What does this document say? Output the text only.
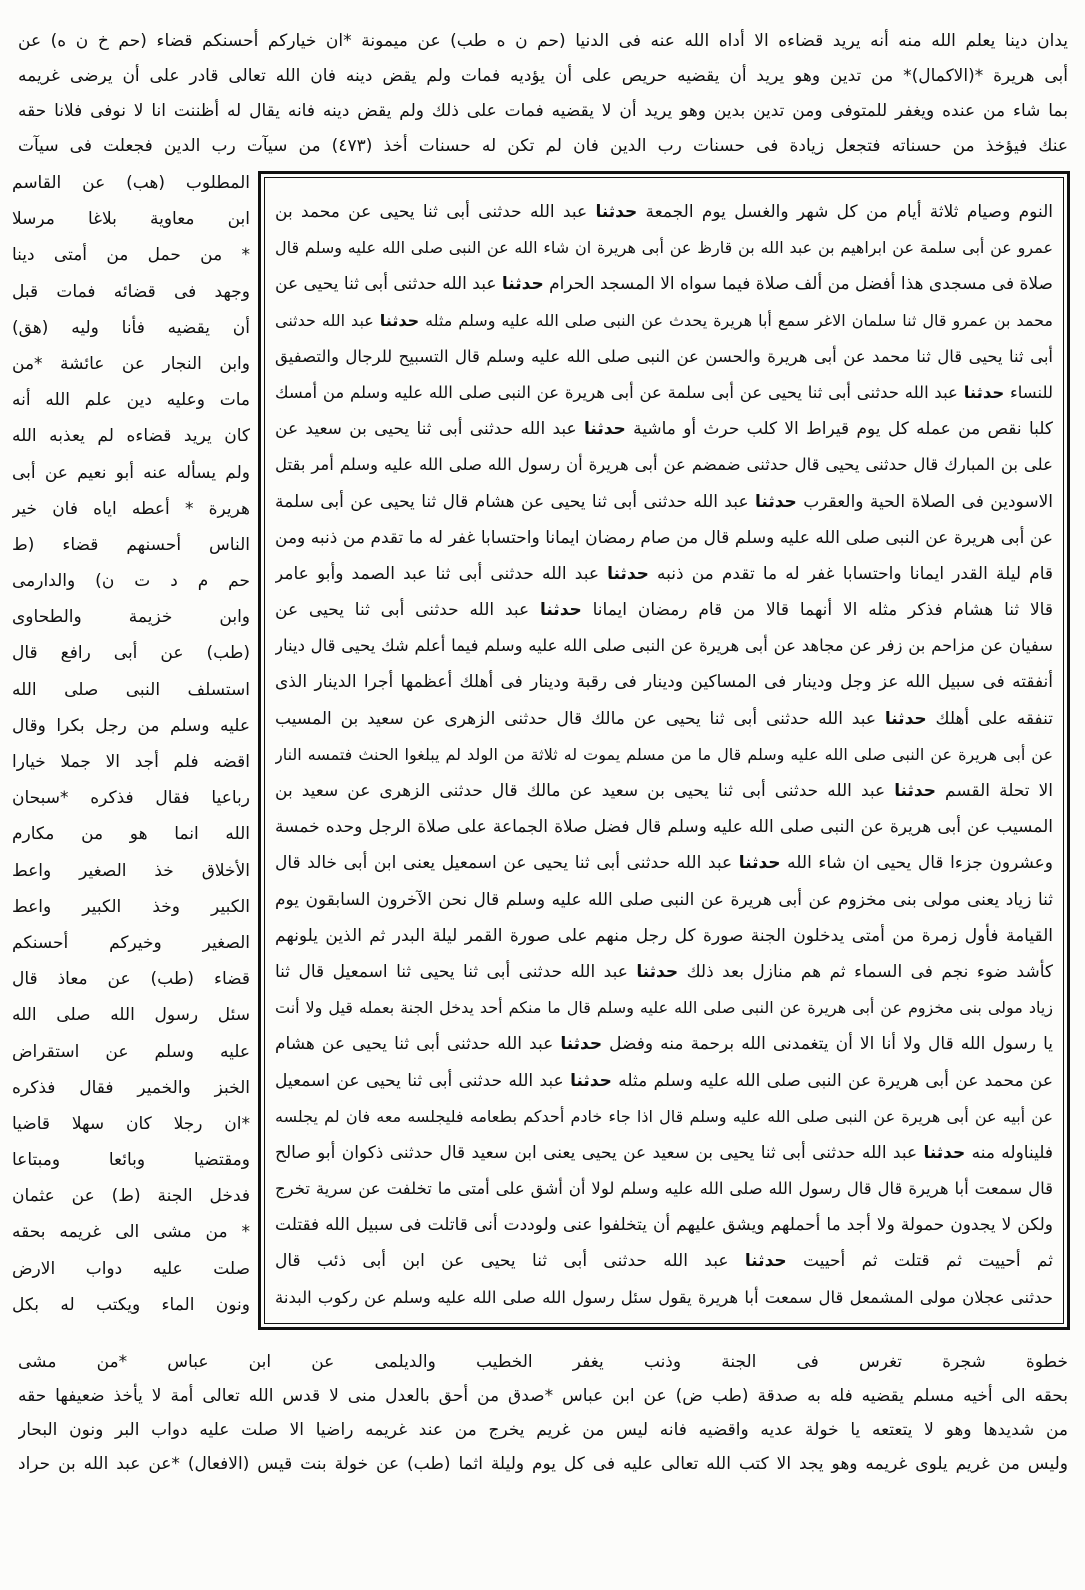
يدان دينا يعلم الله منه أنه يريد قضاءه الا أداه الله عنه فى الدنيا (حم ن ه طب) عن ميمونة *ان خياركم أحسنكم قضاء (حم خ ن ه) عن
أبى هريرة *(الاكمال)* من تدين وهو يريد أن يقضيه حريص على أن يؤديه فمات ولم يقض دينه فان الله تعالى قادر على أن يرضى غريمه
بما شاء من عنده ويغفر للمتوفى ومن تدين بدين وهو يريد أن لا يقضيه فمات على ذلك ولم يقض دينه فانه يقال له أظننت انا لا نوفى فلانا حقه
عنك فيؤخذ من حسناته فتجعل زيادة فى حسنات رب الدين فان لم تكن له حسنات أخذ (٤٧٣) من سيآت رب الدين فجعلت فى سيآت
المطلوب (هب) عن القاسم
ابن معاوية بلاغا مرسلا
* من حمل من أمتى دينا
وجهد فى قضائه فمات قبل
أن يقضيه فأنا وليه (هق)
وابن النجار عن عائشة *من
مات وعليه دين علم الله أنه
كان يريد قضاءه لم يعذبه الله
ولم يسأله عنه أبو نعيم عن أبى
هريرة * أعطه اياه فان خير
الناس أحسنهم قضاء (ط
حم م د ت ن) والدارمى
وابن خزيمة والطحاوى
(طب) عن أبى رافع قال
استسلف النبى صلى الله
عليه وسلم من رجل بكرا وقال
اقضه فلم أجد الا جملا خيارا
رباعيا فقال فذكره *سبحان
الله انما هو من مكارم
الأخلاق خذ الصغير واعط
الكبير وخذ الكبير واعط
الصغير وخيركم أحسنكم
قضاء (طب) عن معاذ قال
سئل رسول الله صلى الله
عليه وسلم عن استقراض
الخبز والخمير فقال فذكره
*ان رجلا كان سهلا قاضيا
ومقتضيا وبائعا ومبتاعا
فدخل الجنة (ط) عن عثمان
* من مشى الى غريمه بحقه
صلت عليه دواب الارض
ونون الماء ويكتب له بكل
النوم وصيام ثلاثة أيام من كل شهر والغسل يوم الجمعة حدثنا عبد الله حدثنى أبى ثنا يحيى عن محمد بن
عمرو عن أبى سلمة عن ابراهيم بن عبد الله بن قارظ عن أبى هريرة ان شاء الله عن النبى صلى الله عليه وسلم قال
صلاة فى مسجدى هذا أفضل من ألف صلاة فيما سواه الا المسجد الحرام حدثنا عبد الله حدثنى أبى ثنا يحيى عن
محمد بن عمرو قال ثنا سلمان الاغر سمع أبا هريرة يحدث عن النبى صلى الله عليه وسلم مثله حدثنا عبد الله حدثنى
أبى ثنا يحيى قال ثنا محمد عن أبى هريرة والحسن عن النبى صلى الله عليه وسلم قال التسبيح للرجال والتصفيق
للنساء حدثنا عبد الله حدثنى أبى ثنا يحيى عن أبى سلمة عن أبى هريرة عن النبى صلى الله عليه وسلم من أمسك
كلبا نقص من عمله كل يوم قيراط الا كلب حرث أو ماشية حدثنا عبد الله حدثنى أبى ثنا يحيى بن سعيد عن
على بن المبارك قال حدثنى يحيى قال حدثنى ضمضم عن أبى هريرة أن رسول الله صلى الله عليه وسلم أمر بقتل
الاسودين فى الصلاة الحية والعقرب حدثنا عبد الله حدثنى أبى ثنا يحيى عن هشام قال ثنا يحيى عن أبى سلمة
عن أبى هريرة عن النبى صلى الله عليه وسلم قال من صام رمضان ايمانا واحتسابا غفر له ما تقدم من ذنبه ومن
قام ليلة القدر ايمانا واحتسابا غفر له ما تقدم من ذنبه حدثنا عبد الله حدثنى أبى ثنا عبد الصمد وأبو عامر
قالا ثنا هشام فذكر مثله الا أنهما قالا من قام رمضان ايمانا حدثنا عبد الله حدثنى أبى ثنا يحيى عن
سفيان عن مزاحم بن زفر عن مجاهد عن أبى هريرة عن النبى صلى الله عليه وسلم فيما أعلم شك يحيى قال دينار
أنفقته فى سبيل الله عز وجل ودينار فى المساكين ودينار فى رقبة ودينار فى أهلك أعظمها أجرا الدينار الذى
تنفقه على أهلك حدثنا عبد الله حدثنى أبى ثنا يحيى عن مالك قال حدثنى الزهرى عن سعيد بن المسيب
عن أبى هريرة عن النبى صلى الله عليه وسلم قال ما من مسلم يموت له ثلاثة من الولد لم يبلغوا الحنث فتمسه النار
الا تحلة القسم حدثنا عبد الله حدثنى أبى ثنا يحيى بن سعيد عن مالك قال حدثنى الزهرى عن سعيد بن
المسيب عن أبى هريرة عن النبى صلى الله عليه وسلم قال فضل صلاة الجماعة على صلاة الرجل وحده خمسة
وعشرون جزءا قال يحيى ان شاء الله حدثنا عبد الله حدثنى أبى ثنا يحيى عن اسمعيل يعنى ابن أبى خالد قال
ثنا زياد يعنى مولى بنى مخزوم عن أبى هريرة عن النبى صلى الله عليه وسلم قال نحن الآخرون السابقون يوم
القيامة فأول زمرة من أمتى يدخلون الجنة صورة كل رجل منهم على صورة القمر ليلة البدر ثم الذين يلونهم
كأشد ضوء نجم فى السماء ثم هم منازل بعد ذلك حدثنا عبد الله حدثنى أبى ثنا يحيى ثنا اسمعيل قال ثنا
زياد مولى بنى مخزوم عن أبى هريرة عن النبى صلى الله عليه وسلم قال ما منكم أحد يدخل الجنة بعمله قيل ولا أنت
يا رسول الله قال ولا أنا الا أن يتغمدنى الله برحمة منه وفضل حدثنا عبد الله حدثنى أبى ثنا يحيى عن هشام
عن محمد عن أبى هريرة عن النبى صلى الله عليه وسلم مثله حدثنا عبد الله حدثنى أبى ثنا يحيى عن اسمعيل
عن أبيه عن أبى هريرة عن النبى صلى الله عليه وسلم قال اذا جاء خادم أحدكم بطعامه فليجلسه معه فان لم يجلسه
فليناوله منه حدثنا عبد الله حدثنى أبى ثنا يحيى بن سعيد عن يحيى يعنى ابن سعيد قال حدثنى ذكوان أبو صالح
قال سمعت أبا هريرة قال قال رسول الله صلى الله عليه وسلم لولا أن أشق على أمتى ما تخلفت عن سرية تخرج
ولكن لا يجدون حمولة ولا أجد ما أحملهم ويشق عليهم أن يتخلفوا عنى ولوددت أنى قاتلت فى سبيل الله فقتلت
ثم أحييت ثم قتلت ثم أحييت حدثنا عبد الله حدثنى أبى ثنا يحيى عن ابن أبى ذئب قال
حدثنى عجلان مولى المشمعل قال سمعت أبا هريرة يقول سئل رسول الله صلى الله عليه وسلم عن ركوب البدنة
خطوة شجرة تغرس فى الجنة وذنب يغفر الخطيب والديلمى عن ابن عباس *من مشى
بحقه الى أخيه مسلم يقضيه فله به صدقة (طب ض) عن ابن عباس *صدق من أحق بالعدل منى لا قدس الله تعالى أمة لا يأخذ ضعيفها حقه
من شديدها وهو لا يتعتعه يا خولة عديه واقضيه فانه ليس من غريم يخرج من عند غريمه راضيا الا صلت عليه دواب البر ونون البحار
وليس من غريم يلوى غريمه وهو يجد الا كتب الله تعالى عليه فى كل يوم وليلة اثما (طب) عن خولة بنت قيس (الافعال) *عن عبد الله بن حراد
